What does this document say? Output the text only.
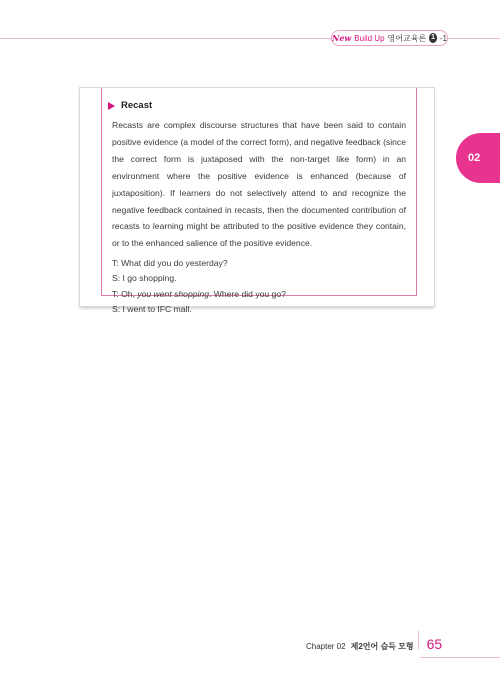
New Build Up 영어교육론 1 -1
02
Recast

Recasts are complex discourse structures that have been said to contain positive evidence (a model of the correct form), and negative feedback (since the correct form is juxtaposed with the non-target like form) in an environment where the positive evidence is enhanced (because of juxtaposition). If learners do not selectively attend to and recognize the negative feedback contained in recasts, then the documented contribution of recasts to learning might be attributed to the positive evidence they contain, or to the enhanced salience of the positive evidence.

T: What did you do yesterday?
S: I go shopping.
T: Oh, you went shopping. Where did you go?
S: I went to IFC mall.
Chapter 02 제2언어 습득 모형 65
